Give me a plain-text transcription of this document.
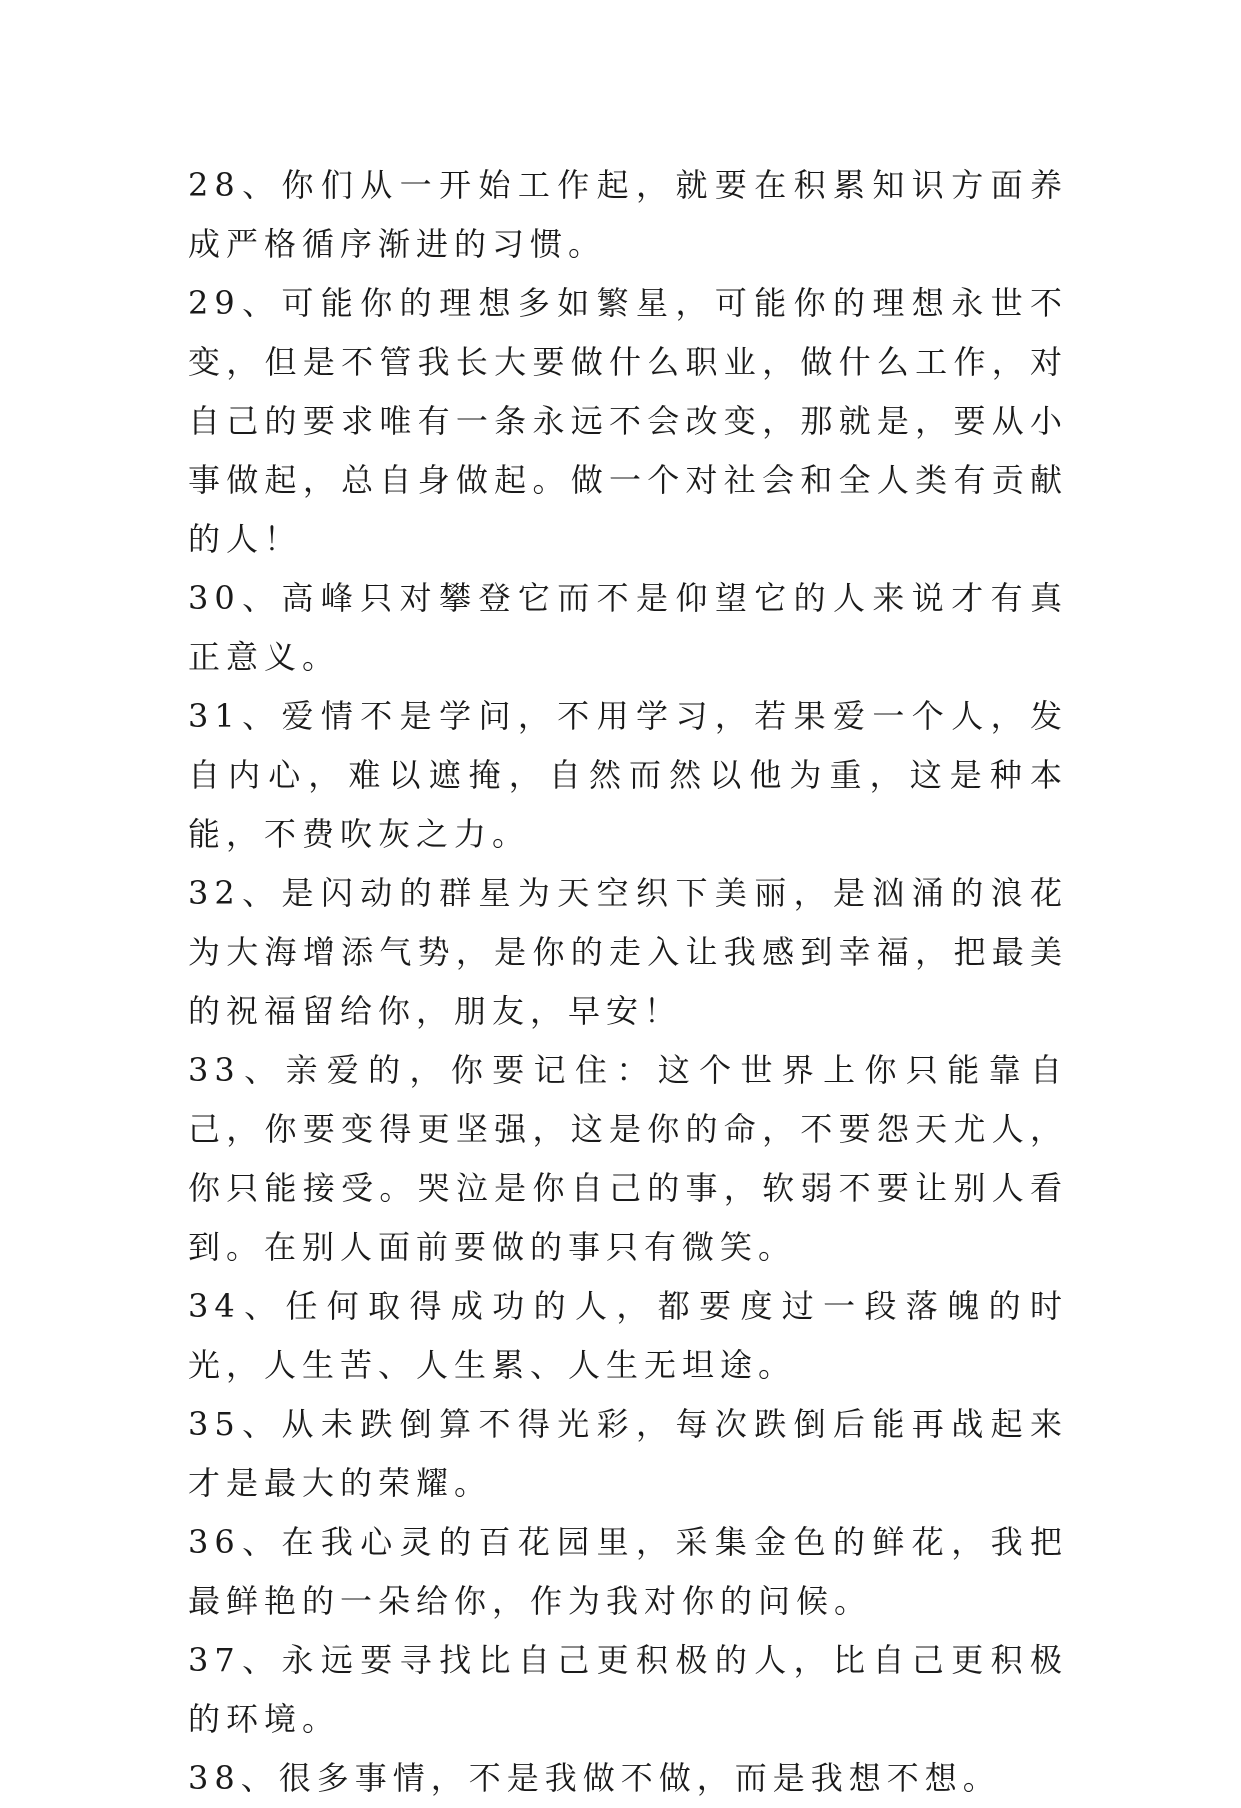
28、你们从一开始工作起，就要在积累知识方面养成严格循序渐进的习惯。

29、可能你的理想多如繁星，可能你的理想永世不变，但是不管我长大要做什么职业，做什么工作，对自己的要求唯有一条永远不会改变，那就是，要从小事做起，总自身做起。做一个对社会和全人类有贡献的人！

30、高峰只对攀登它而不是仰望它的人来说才有真正意义。

31、爱情不是学问，不用学习，若果爱一个人，发自内心，难以遮掩，自然而然以他为重，这是种本能，不费吹灰之力。

32、是闪动的群星为天空织下美丽，是汹涌的浪花为大海增添气势，是你的走入让我感到幸福，把最美的祝福留给你，朋友，早安！

33、亲爱的，你要记住：这个世界上你只能靠自己，你要变得更坚强，这是你的命，不要怨天尤人，你只能接受。哭泣是你自己的事，软弱不要让别人看到。在别人面前要做的事只有微笑。

34、任何取得成功的人，都要度过一段落魄的时光，人生苦、人生累、人生无坦途。

35、从未跌倒算不得光彩，每次跌倒后能再战起来才是最大的荣耀。

36、在我心灵的百花园里，采集金色的鲜花，我把最鲜艳的一朵给你，作为我对你的问候。

37、永远要寻找比自己更积极的人，比自己更积极的环境。

38、很多事情，不是我做不做，而是我想不想。
